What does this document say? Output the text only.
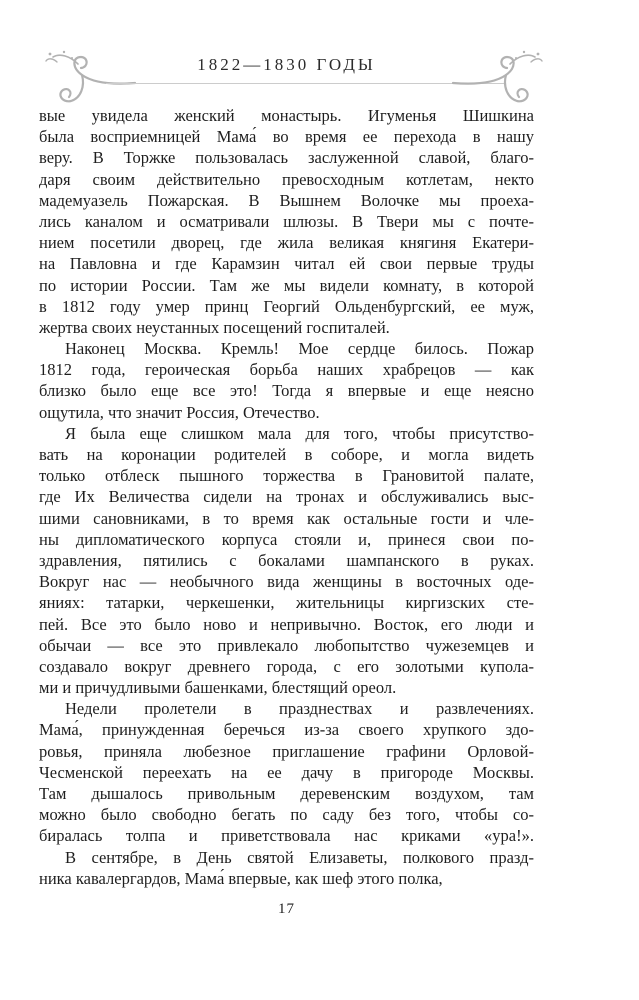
1822—1830 ГОДЫ
вые увидела женский монастырь. Игуменья Шишкина
была восприемницей Мама́ во время ее перехода в нашу
веру. В Торжке пользовалась заслуженной славой, благо-
даря своим действительно превосходным котлетам, некто
мадемуазель Пожарская. В Вышнем Волочке мы проеха-
лись каналом и осматривали шлюзы. В Твери мы с почте-
нием посетили дворец, где жила великая княгиня Екатери-
на Павловна и где Карамзин читал ей свои первые труды
по истории России. Там же мы видели комнату, в которой
в 1812 году умер принц Георгий Ольденбургский, ее муж,
жертва своих неустанных посещений госпиталей.
Наконец Москва. Кремль! Мое сердце билось. Пожар
1812 года, героическая борьба наших храбрецов — как
близко было еще все это! Тогда я впервые и еще неясно
ощутила, что значит Россия, Отечество.
Я была еще слишком мала для того, чтобы присутство-
вать на коронации родителей в соборе, и могла видеть
только отблеск пышного торжества в Грановитой палате,
где Их Величества сидели на тронах и обслуживались выс-
шими сановниками, в то время как остальные гости и чле-
ны дипломатического корпуса стояли и, принеся свои по-
здравления, пятились с бокалами шампанского в руках.
Вокруг нас — необычного вида женщины в восточных оде-
яниях: татарки, черкешенки, жительницы киргизских сте-
пей. Все это было ново и непривычно. Восток, его люди и
обычаи — все это привлекало любопытство чужеземцев и
создавало вокруг древнего города, с его золотыми купола-
ми и причудливыми башенками, блестящий ореол.
Недели пролетели в празднествах и развлечениях.
Мама́, принужденная беречься из-за своего хрупкого здо-
ровья, приняла любезное приглашение графини Орловой-
Чесменской переехать на ее дачу в пригороде Москвы.
Там дышалось привольным деревенским воздухом, там
можно было свободно бегать по саду без того, чтобы со-
биралась толпа и приветствовала нас криками «ура!».
В сентябре, в День святой Елизаветы, полкового празд-
ника кавалергардов, Мама́ впервые, как шеф этого полка,
17
